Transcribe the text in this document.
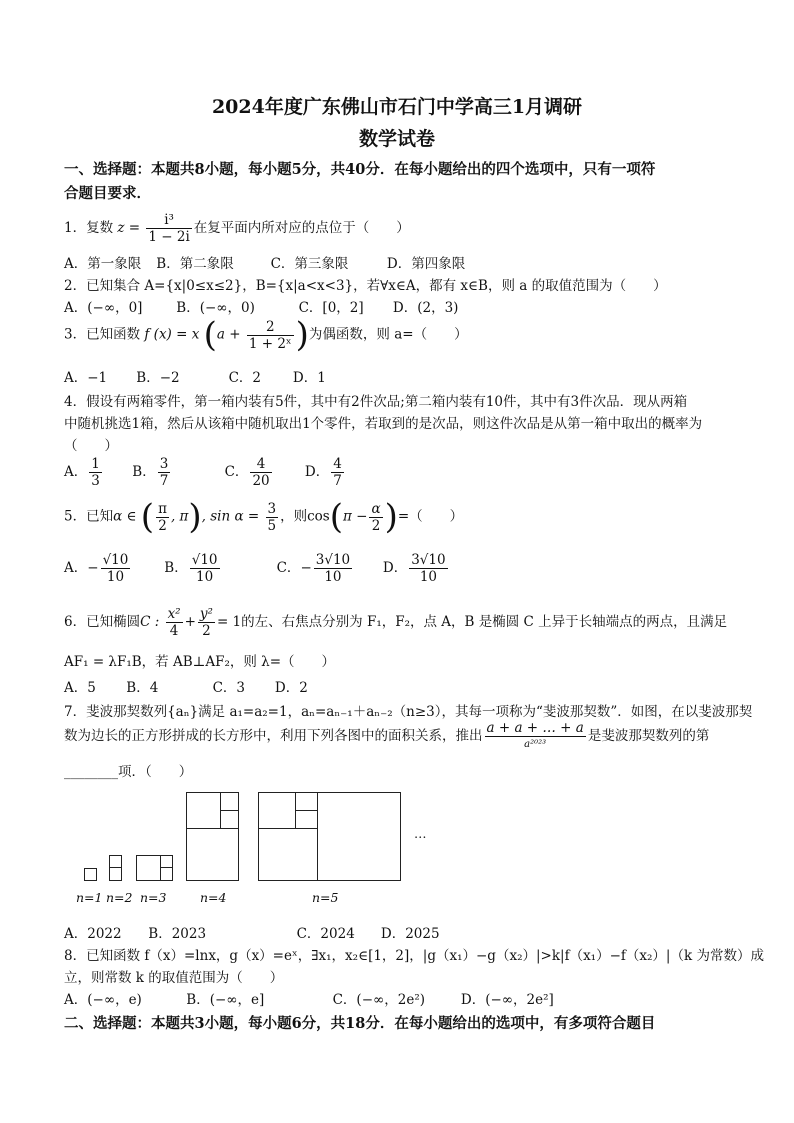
2024年度广东佛山市石门中学高三1月调研
数学试卷
一、选择题：本题共8小题，每小题5分，共40分．在每小题给出的四个选项中，只有一项符
合题目要求．
1．复数 $z = \frac{\text{i³}}{1 - 2i}$ 在复平面内所对应的点位于（　　）
A．第一象限 B．第二象限	C．第三象限	D．第四象限
2．已知集合 A={x|0≤x≤2}，B={x|a<x<3}，若∀x∈A，都有 x∈B，则 a 的取值范围为（　　）
A．(−∞，0]	B．(−∞，0)	C．[0，2] D．(2，3)
3．已知函数 f (x) = x ($a + \frac{2}{\text{1 + 2ˣ}}$ )为偶函数，则 a=（　　）
A．−1 B．−2	C．2 D．1
4．假设有两箱零件，第一箱内装有5件，其中有2件次品;第二箱内装有10件，其中有3件次品．现从两箱
中随机挑选1箱，然后从该箱中随机取出1个零件，若取到的是次品，则这件次品是从第一箱中取出的概率为
（　　）
A． $\frac{1}{3}$ B． $\frac{3}{7}$	C． $\frac{4}{20}$ D． $\frac{4}{7}$
5．已知α ∈ ( $\frac{\pi}{2}$ , π), $\sin \alpha = \frac{3}{5}$ ，则$\cos(\pi - \frac{\alpha}{2}$ )=（　　）
A．− $\frac{√10}{10}$	B． $\frac{√10}{10}$	C．− $\frac{3√10}{10}$ D． $\frac{3√10}{10}$
6．已知椭圆C : $\frac{\text{x²}}{4} + \frac{\text{y²}}{2} = 1$的左、右焦点分别为 F₁，F₂，点 A，B 是椭圆 C 上异于长轴端点的两点，且满足
AF₁ = λF₁B，若 AB⊥AF₂，则 λ=（　　）
A．5 B．4	C．3 D．2
7．斐波那契数列{aₙ}满足 a₁=a₂=1，aₙ=aₙ₋₁＋aₙ₋₂（n≥3），其每一项称为“斐波那契数”．如图，在以斐波那契
数为边长的正方形拼成的长方形中，利用下列各图中的面积关系，推出 $\frac{a + a + \dots + a}{\text{a²⁰²³}}$ 是斐波那契数列的第
________项．（　　）
…
n=1 n=2 n=3	n=4	n=5
A．2022 B．2023	C．2024 D．2025
8．已知函数 f（x）=lnx，g（x）=eˣ，∃x₁，x₂∈[1，2]，|g（x₁）−g（x₂）|>k|f（x₁）−f（x₂）|（k 为常数）成
立，则常数 k 的取值范围为（　　）
A．(−∞，e)	B．(−∞，e]	C．(−∞，2e²)	D．(−∞，2e²]
二、选择题：本题共3小题，每小题6分，共18分．在每小题给出的选项中，有多项符合题目
